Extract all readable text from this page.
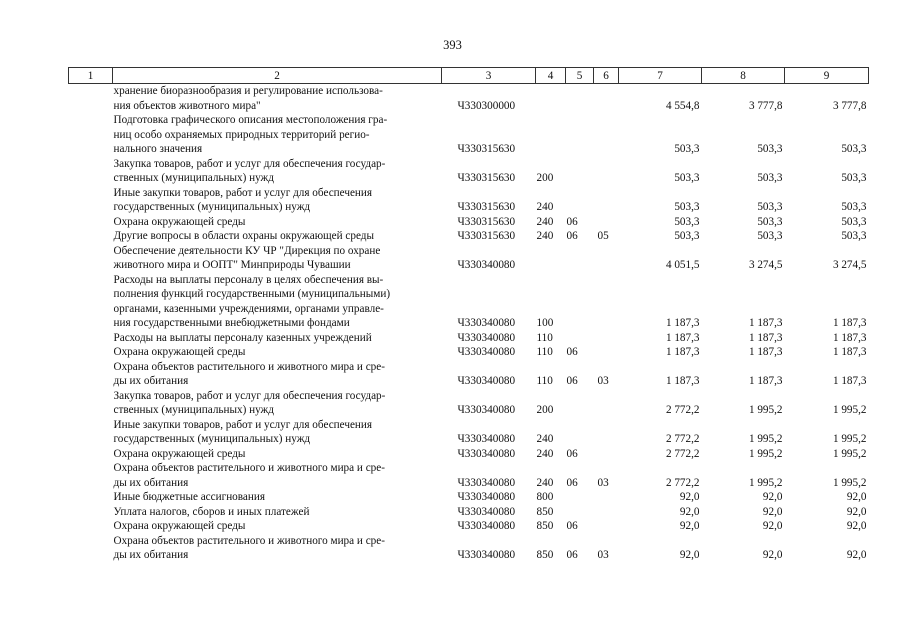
393
1	2	3	4	5	6	7	8	9

	хранение биоразнообразия и регулирование использова-
ния объектов животного мира"	Ч330300000				4 554,8	3 777,8	3 777,8

	Подготовка графического описания местоположения гра-
ниц особо охраняемых природных территорий регио-
нального значения	Ч330315630				503,3	503,3	503,3

	Закупка товаров, работ и услуг для обеспечения государ-
ственных (муниципальных) нужд	Ч330315630	200			503,3	503,3	503,3

	Иные закупки товаров, работ и услуг для обеспечения
государственных (муниципальных) нужд	Ч330315630	240			503,3	503,3	503,3

	Охрана окружающей среды	Ч330315630	240	06		503,3	503,3	503,3

	Другие вопросы в области охраны окружающей среды	Ч330315630	240	06	05	503,3	503,3	503,3

	Обеспечение деятельности КУ ЧР "Дирекция по охране
животного мира и ООПТ" Минприроды Чувашии	Ч330340080				4 051,5	3 274,5	3 274,5

	Расходы на выплаты персоналу в целях обеспечения вы-
полнения функций государственными (муниципальными)
органами, казенными учреждениями, органами управле-
ния государственными внебюджетными фондами	Ч330340080	100			1 187,3	1 187,3	1 187,3

	Расходы на выплаты персоналу казенных учреждений	Ч330340080	110			1 187,3	1 187,3	1 187,3

	Охрана окружающей среды	Ч330340080	110	06		1 187,3	1 187,3	1 187,3

	Охрана объектов растительного и животного мира и сре-
ды их обитания	Ч330340080	110	06	03	1 187,3	1 187,3	1 187,3

	Закупка товаров, работ и услуг для обеспечения государ-
ственных (муниципальных) нужд	Ч330340080	200			2 772,2	1 995,2	1 995,2

	Иные закупки товаров, работ и услуг для обеспечения
государственных (муниципальных) нужд	Ч330340080	240			2 772,2	1 995,2	1 995,2

	Охрана окружающей среды	Ч330340080	240	06		2 772,2	1 995,2	1 995,2

	Охрана объектов растительного и животного мира и сре-
ды их обитания	Ч330340080	240	06	03	2 772,2	1 995,2	1 995,2

	Иные бюджетные ассигнования	Ч330340080	800			92,0	92,0	92,0

	Уплата налогов, сборов и иных платежей	Ч330340080	850			92,0	92,0	92,0

	Охрана окружающей среды	Ч330340080	850	06		92,0	92,0	92,0

	Охрана объектов растительного и животного мира и сре-
ды их обитания	Ч330340080	850	06	03	92,0	92,0	92,0
